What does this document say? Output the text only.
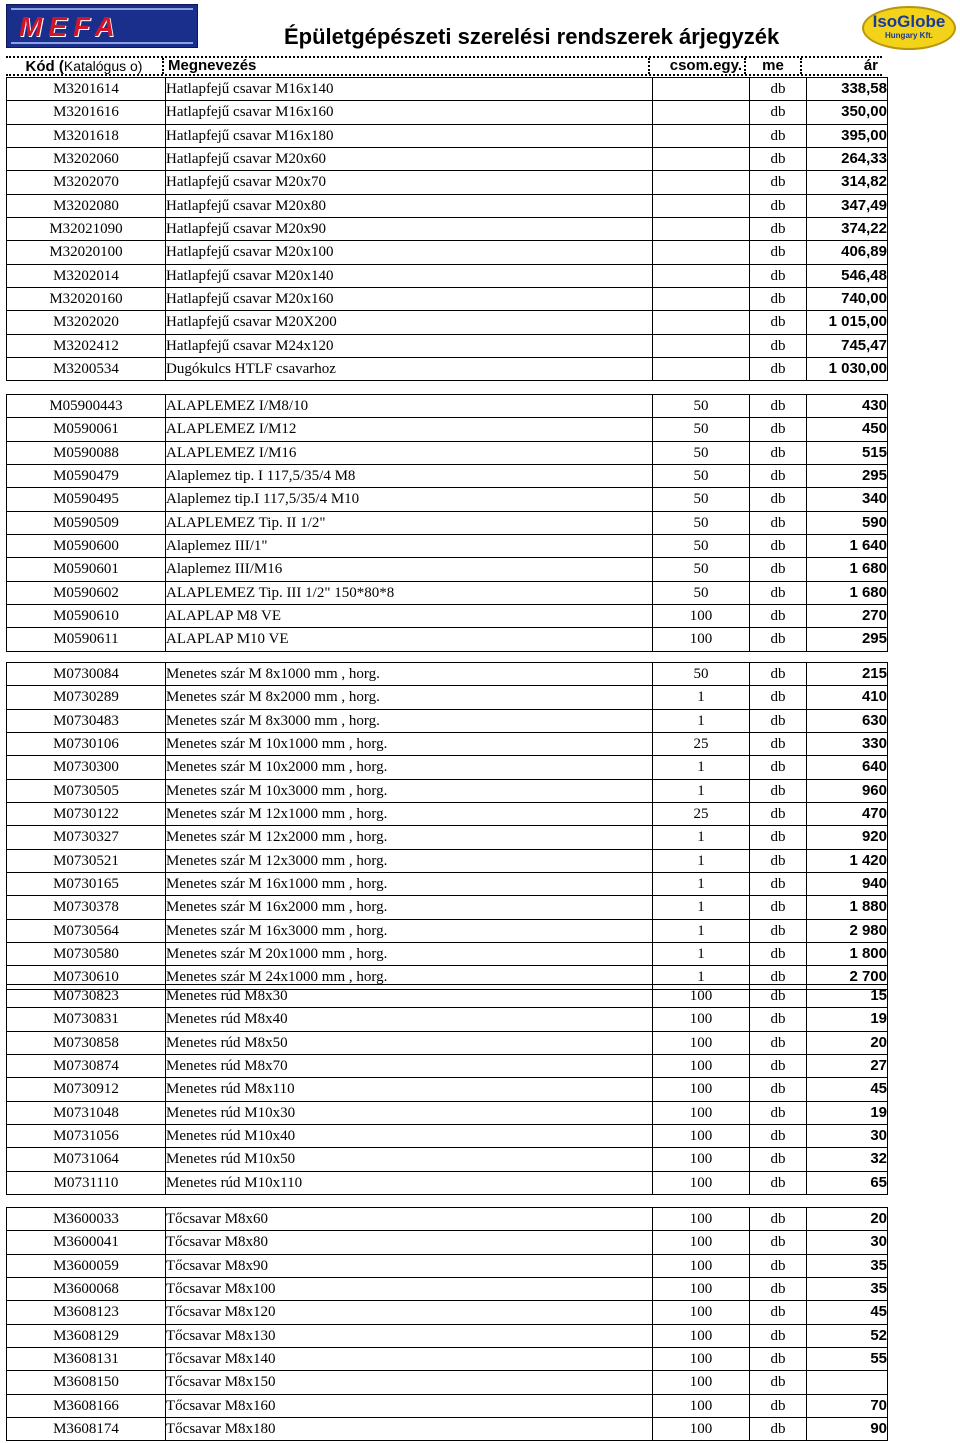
MEFA	Épületgépészeti szerelési rendszerek árjegyzék
IsoGlobe
Hungary Kft.
Kód (Katalógus o)	Megnevezés	csom.egy.	me	ár
M3201614	Hatlapfejű csavar M16x140		db	338,58
M3201616	Hatlapfejű csavar M16x160		db	350,00
M3201618	Hatlapfejű csavar M16x180		db	395,00
M3202060	Hatlapfejű csavar M20x60		db	264,33
M3202070	Hatlapfejű csavar M20x70		db	314,82
M3202080	Hatlapfejű csavar M20x80		db	347,49
M32021090	Hatlapfejű csavar M20x90		db	374,22
M32020100	Hatlapfejű csavar M20x100		db	406,89
M3202014	Hatlapfejű csavar M20x140		db	546,48
M32020160	Hatlapfejű csavar M20x160		db	740,00
M3202020	Hatlapfejű csavar M20X200		db	1 015,00
M3202412	Hatlapfejű csavar M24x120		db	745,47
M3200534	Dugókulcs HTLF csavarhoz		db	1 030,00
M05900443	ALAPLEMEZ I/M8/10	50	db	430
M0590061	ALAPLEMEZ I/M12	50	db	450
M0590088	ALAPLEMEZ I/M16	50	db	515
M0590479	Alaplemez tip. I 117,5/35/4 M8	50	db	295
M0590495	Alaplemez tip.I 117,5/35/4 M10	50	db	340
M0590509	ALAPLEMEZ Tip. II 1/2"	50	db	590
M0590600	Alaplemez III/1"	50	db	1 640
M0590601	Alaplemez III/M16	50	db	1 680
M0590602	ALAPLEMEZ Tip. III 1/2" 150*80*8	50	db	1 680
M0590610	ALAPLAP M8 VE	100	db	270
M0590611	ALAPLAP M10 VE	100	db	295
M0730084	Menetes szár M 8x1000 mm , horg.	50	db	215
M0730289	Menetes szár M 8x2000 mm , horg.	1	db	410
M0730483	Menetes szár M 8x3000 mm , horg.	1	db	630
M0730106	Menetes szár M 10x1000 mm , horg.	25	db	330
M0730300	Menetes szár M 10x2000 mm , horg.	1	db	640
M0730505	Menetes szár M 10x3000 mm , horg.	1	db	960
M0730122	Menetes szár M 12x1000 mm , horg.	25	db	470
M0730327	Menetes szár M 12x2000 mm , horg.	1	db	920
M0730521	Menetes szár M 12x3000 mm , horg.	1	db	1 420
M0730165	Menetes szár M 16x1000 mm , horg.	1	db	940
M0730378	Menetes szár M 16x2000 mm , horg.	1	db	1 880
M0730564	Menetes szár M 16x3000 mm , horg.	1	db	2 980
M0730580	Menetes szár M 20x1000 mm , horg.	1	db	1 800
M0730610	Menetes szár M 24x1000 mm , horg.	1	db	2 700
M0730823	Menetes rúd M8x30	100	db	15
M0730831	Menetes rúd M8x40	100	db	19
M0730858	Menetes rúd M8x50	100	db	20
M0730874	Menetes rúd M8x70	100	db	27
M0730912	Menetes rúd M8x110	100	db	45
M0731048	Menetes rúd M10x30	100	db	19
M0731056	Menetes rúd M10x40	100	db	30
M0731064	Menetes rúd M10x50	100	db	32
M0731110	Menetes rúd M10x110	100	db	65
M3600033	Tőcsavar M8x60	100	db	20
M3600041	Tőcsavar M8x80	100	db	30
M3600059	Tőcsavar M8x90	100	db	35
M3600068	Tőcsavar M8x100	100	db	35
M3608123	Tőcsavar M8x120	100	db	45
M3608129	Tőcsavar M8x130	100	db	52
M3608131	Tőcsavar M8x140	100	db	55
M3608150	Tőcsavar M8x150	100	db	
M3608166	Tőcsavar M8x160	100	db	70
M3608174	Tőcsavar M8x180	100	db	90
